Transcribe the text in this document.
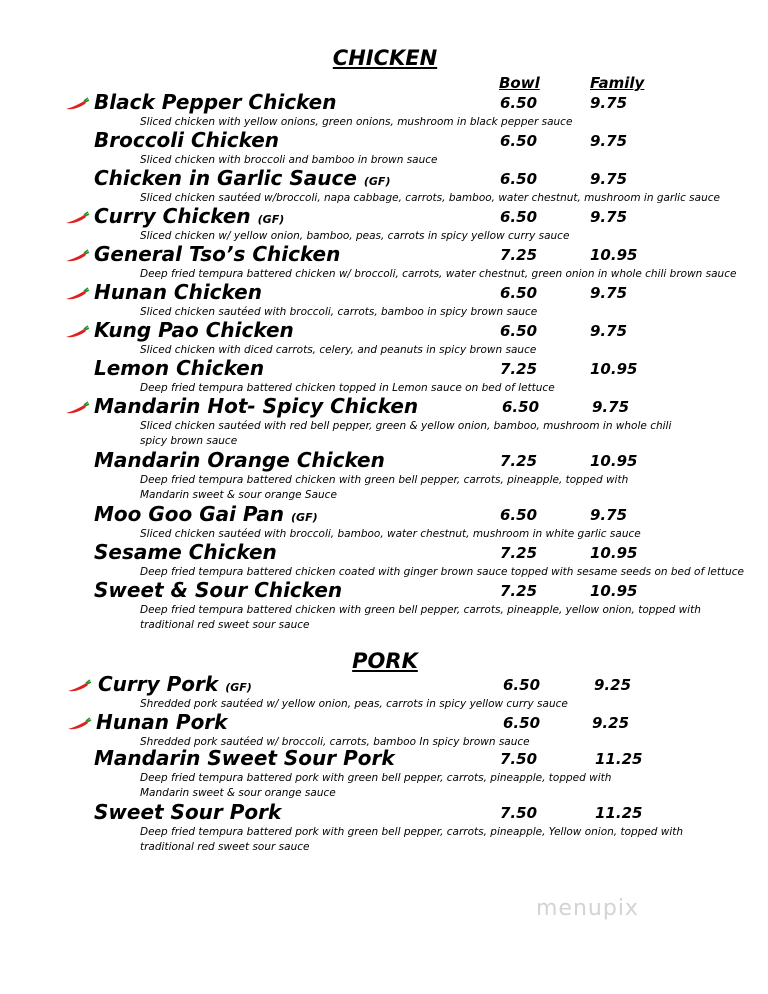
CHICKEN
Bowl	Family
Black Pepper Chicken	6.50	9.75
Sliced chicken with yellow onions, green onions, mushroom in black pepper sauce
Broccoli Chicken	6.50	9.75
Sliced chicken with broccoli and bamboo in brown sauce
Chicken in Garlic Sauce (GF)	6.50	9.75
Sliced chicken sautéed w/broccoli, napa cabbage, carrots, bamboo, water chestnut, mushroom in garlic sauce
Curry Chicken (GF)	6.50	9.75
Sliced chicken w/ yellow onion, bamboo, peas, carrots in spicy yellow curry sauce
General Tso’s Chicken	7.25	10.95
Deep fried tempura battered chicken w/ broccoli, carrots, water chestnut, green onion in whole chili brown sauce
Hunan Chicken	6.50	9.75
Sliced chicken sautéed with broccoli, carrots, bamboo in spicy brown sauce
Kung Pao Chicken	6.50	9.75
Sliced chicken with diced carrots, celery, and peanuts in spicy brown sauce
Lemon Chicken	7.25	10.95
Deep fried tempura battered chicken topped in Lemon sauce on bed of lettuce
Mandarin Hot- Spicy Chicken	6.50	9.75
Sliced chicken sautéed with red bell pepper, green & yellow onion, bamboo, mushroom in whole chili
spicy brown sauce
Mandarin Orange Chicken	7.25	10.95
Deep fried tempura battered chicken with green bell pepper, carrots, pineapple, topped with
Mandarin sweet & sour orange Sauce
Moo Goo Gai Pan (GF)	6.50	9.75
Sliced chicken sautéed with broccoli, bamboo, water chestnut, mushroom in white garlic sauce
Sesame Chicken	7.25	10.95
Deep fried tempura battered chicken coated with ginger brown sauce topped with sesame seeds on bed of lettuce
Sweet & Sour Chicken	7.25	10.95
Deep fried tempura battered chicken with green bell pepper, carrots, pineapple, yellow onion, topped with
traditional red sweet sour sauce
PORK
Curry Pork (GF)	6.50	9.25
Shredded pork sautéed w/ yellow onion, peas, carrots in spicy yellow curry sauce
Hunan Pork	6.50	9.25
Shredded pork sautéed w/ broccoli, carrots, bamboo In spicy brown sauce
Mandarin Sweet Sour Pork	7.50	11.25
Deep fried tempura battered pork with green bell pepper, carrots, pineapple, topped with
Mandarin sweet & sour orange sauce
Sweet Sour Pork	7.50	11.25
Deep fried tempura battered pork with green bell pepper, carrots, pineapple, Yellow onion, topped with
traditional red sweet sour sauce
menupix
